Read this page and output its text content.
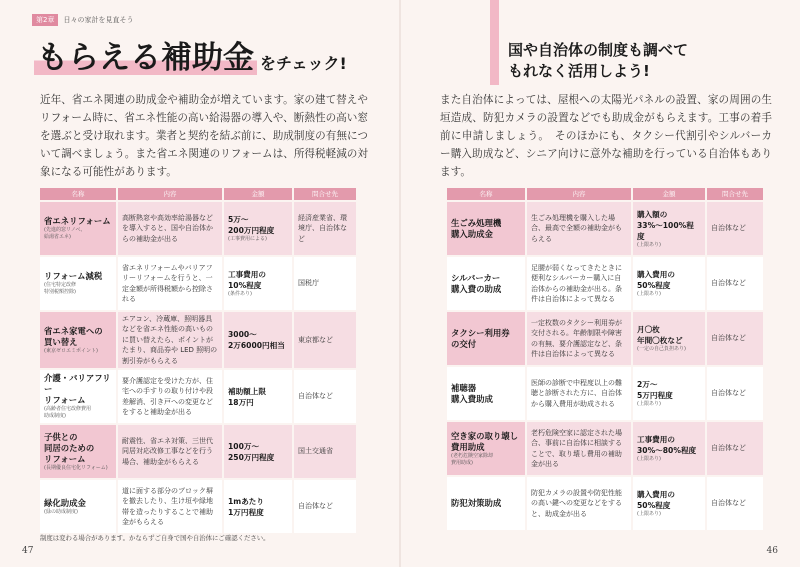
第2章	日々の家計を見直そう
もらえる補助金 をチェック!

近年、省エネ関連の助成金や補助金が増えています。家の建て替えやリフォーム時に、省エネ性能の高い給湯器の導入や、断熱性の高い窓を選ぶと受け取れます。業者と契約を結ぶ前に、助成制度の有無について調べましょう。また省エネ関連のリフォームは、所得税軽減の対象になる可能性があります。

名称	内容	金額	問合せ先

省エネリフォーム
(先進的窓リノベ、
給湯省エネ)	高断熱窓や高効率給湯器などを導入すると、国や自治体からの補助金が出る	5万～
200万円程度
(工事費用による)	経済産業省、環境庁、自治体など

リフォーム減税
(住宅特定改修
特別税額控除)	省エネリフォームやバリアフリーリフォームを行うと、一定金額が所得税額から控除される	工事費用の
10%程度
(条件あり)	国税庁

省エネ家電への
買い替え
(東京ゼロエミポイント)	エアコン、冷蔵庫、照明器具などを省エネ性能の高いものに買い替えたら、ポイントがたまり、商品券や LED 照明の割引券がもらえる	3000～
2万6000円相当	東京都など

介護・バリアフリー
リフォーム
(高齢者住宅改修費用
助成制度)	要介護認定を受けた方が、住宅への手すりの取り付けや段差解消、引き戸への変更などをすると補助金が出る	補助額上限
18万円	自治体など

子供との
同居のための
リフォーム
(長期優良住宅化リフォーム)	耐震性、省エネ対策、三世代同居対応改修工事などを行う場合、補助金がもらえる	100万～
250万円程度	国土交通省

緑化助成金
(緑の助成制度)	道に面する部分のブロック塀を撤去したり、生け垣や緑地帯を造ったりすることで補助金がもらえる	1mあたり
1万円程度	自治体など
制度は変わる場合があります。かならずご自身で国や自治体にご確認ください。
47
国や自治体の制度も調べて
もれなく活用しよう!

また自治体によっては、屋根への太陽光パネルの設置、家の周囲の生垣造成、防犯カメラの設置などでも助成金がもらえます。工事の着手前に申請しましょう。　そのほかにも、タクシー代割引やシルバーカー購入助成など、シニア向けに意外な補助を行っている自治体もあります。

名称	内容	金額	問合せ先

生ごみ処理機
購入助成金	生ごみ処理機を購入した場合、最高で全額の補助金がもらえる	購入額の
33%～100%程度
(上限あり)	自治体など

シルバーカー
購入費の助成	足腰が弱くなってきたときに便利なシルバーカー購入に自治体からの補助金が出る。条件は自治体によって異なる	購入費用の
50%程度
(上限あり)	自治体など

タクシー利用券
の交付	一定枚数のタクシー利用券が交付される。年齢制限や障害の有無、要介護認定など、条件は自治体によって異なる	月〇枚
年間〇枚など
(一定の自己負担あり)	自治体など

補聴器
購入費助成	医師の診断で中程度以上の難聴と診断された方に、自治体から購入費用が助成される	2万～
5万円程度
(上限あり)	自治体など

空き家の取り壊し
費用助成
(老朽危険空家除却
費用助成)	老朽危険空家に認定された場合、事前に自治体に相談することで、取り壊し費用の補助金が出る	工事費用の
30%～80%程度
(上限あり)	自治体など

防犯対策助成	防犯カメラの設置や防犯性能の高い鍵への変更などをすると、助成金が出る	購入費用の
50%程度
(上限あり)	自治体など
46
